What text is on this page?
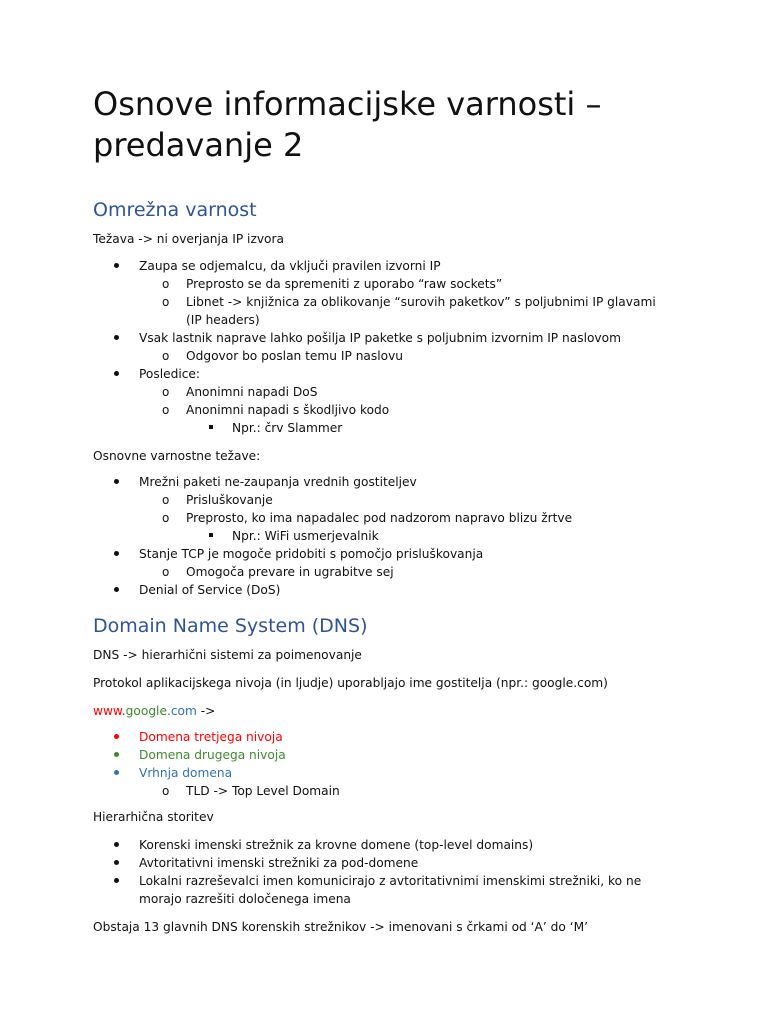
Osnove informacijske varnosti – predavanje 2
Omrežna varnost

Težava -> ni overjanja IP izvora

Zaupa se odjemalcu, da vključi pravilen izvorni IP
o Preprosto se da spremeniti z uporabo “raw sockets”
o Libnet -> knjižnica za oblikovanje “surovih paketkov” s poljubnimi IP glavami (IP headers)
Vsak lastnik naprave lahko pošilja IP paketke s poljubnim izvornim IP naslovom
o Odgovor bo poslan temu IP naslovu
Posledice:
o Anonimni napadi DoS
o Anonimni napadi s škodljivo kodo
Npr.: črv Slammer

Osnovne varnostne težave:

Mrežni paketi ne-zaupanja vrednih gostiteljev
o Prisluškovanje
o Preprosto, ko ima napadalec pod nadzorom napravo blizu žrtve
Npr.: WiFi usmerjevalnik
Stanje TCP je mogoče pridobiti s pomočjo prisluškovanja
o Omogoča prevare in ugrabitve sej
Denial of Service (DoS)
Domain Name System (DNS)

DNS -> hierarhični sistemi za poimenovanje

Protokol aplikacijskega nivoja (in ljudje) uporabljajo ime gostitelja (npr.: google.com)

www.google.com ->

Domena tretjega nivoja
Domena drugega nivoja
Vrhnja domena
o TLD -> Top Level Domain

Hierarhična storitev

Korenski imenski strežnik za krovne domene (top-level domains)
Avtoritativni imenski strežniki za pod-domene
Lokalni razreševalci imen komunicirajo z avtoritativnimi imenskimi strežniki, ko ne morajo razrešiti določenega imena

Obstaja 13 glavnih DNS korenskih strežnikov -> imenovani s črkami od ‘A’ do ‘M’
